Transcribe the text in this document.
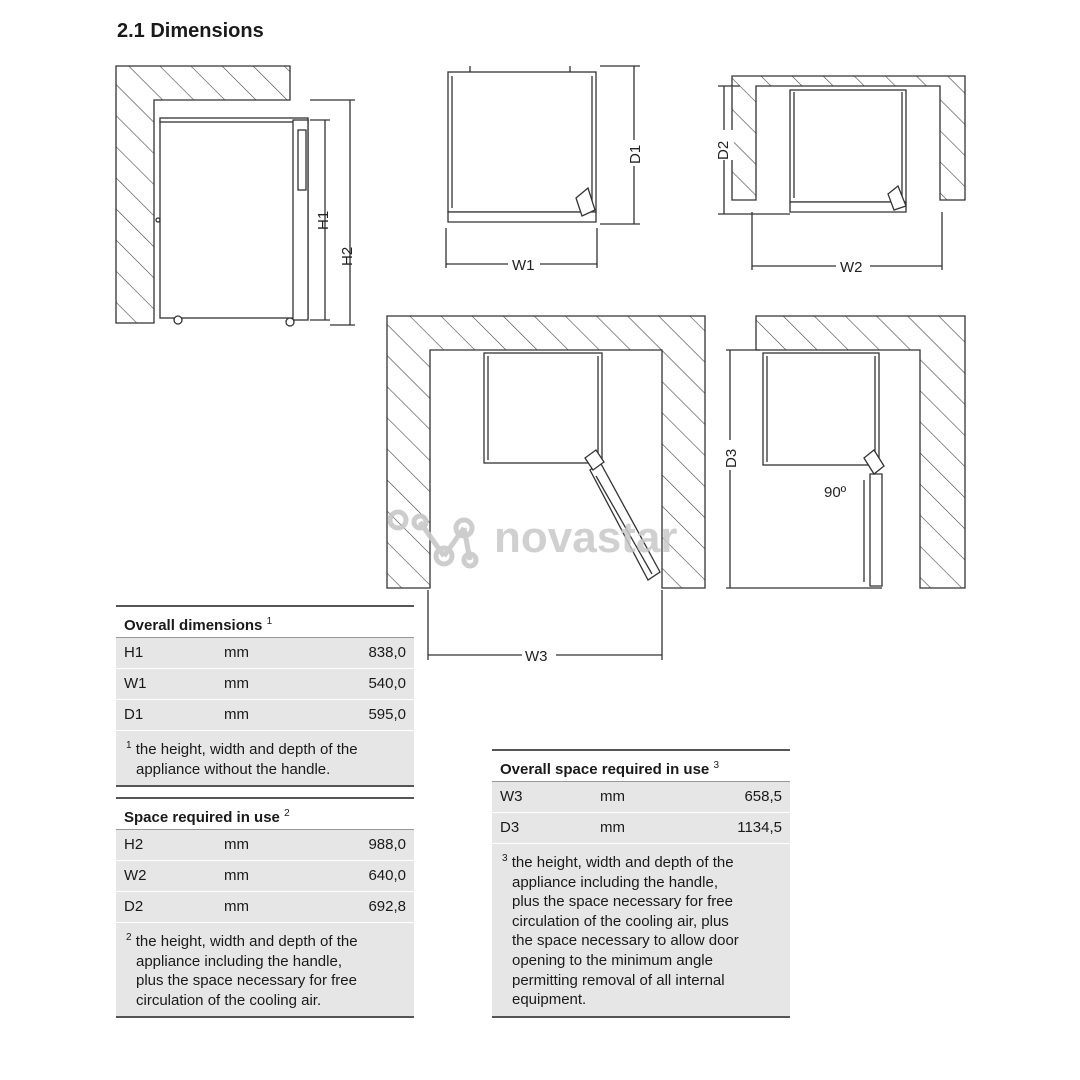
2.1 Dimensions
H1
H2	W1
D1
W2
D2
W3
D3
90º
novastar
Overall dimensions $^1$
H1	mm	838,0
W1	mm	540,0
D1	mm	595,0
$^1$ the height, width and depth of the
appliance without the handle.
Space required in use $^2$
H2	mm	988,0
W2	mm	640,0
D2	mm	692,8
$^2$ the height, width and depth of the
appliance including the handle,
plus the space necessary for free
circulation of the cooling air.
Overall space required in use $^3$
W3	mm	658,5
D3	mm	1134,5
$^3$ the height, width and depth of the
appliance including the handle,
plus the space necessary for free
circulation of the cooling air, plus
the space necessary to allow door
opening to the minimum angle
permitting removal of all internal
equipment.
